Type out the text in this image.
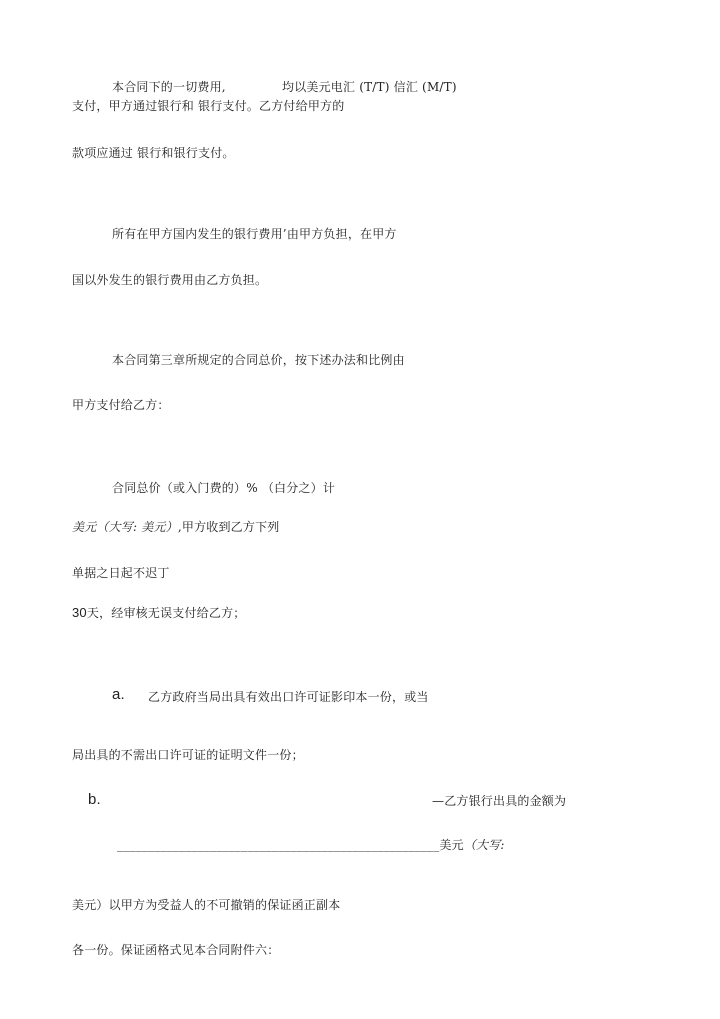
本合同下的一切费用,	均以美元电汇 (T/T) 信汇 (M/T)
支付，甲方通过银行和 银行支付。乙方付给甲方的
款项应通过 银行和银行支付。
所有在甲方国内发生的银行费用’由甲方负担，在甲方
国以外发生的银行费用由乙方负担。
本合同第三章所规定的合同总价，按下述办法和比例由
甲方支付给乙方：
合同总价（或入门费的）% （白分之）计
美元（大写: 美元）,甲方收到乙方下列
单据之日起不迟丁
30天，经审核无误支付给乙方；
a. 乙方政府当局出具有效出口许可证影印本一份，或当
局出具的不需出口许可证的证明文件一份；
b.	—乙方银行出具的金额为
____________________________________________________美元（大写:
美元）以甲方为受益人的不可撤销的保证函正副本
各一份。保证函格式见本合同附件六：
